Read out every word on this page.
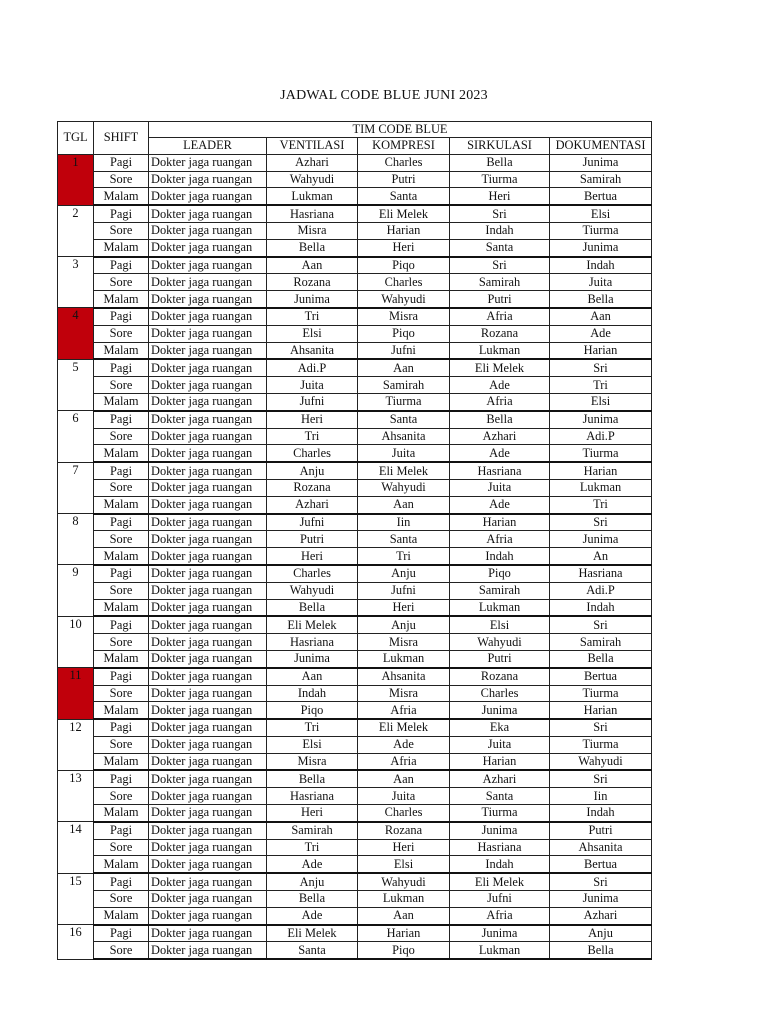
JADWAL CODE BLUE JUNI 2023
TGL	SHIFT	TIM CODE BLUE				
		LEADER	VENTILASI	KOMPRESI	SIRKULASI	DOKUMENTASI
1	Pagi	Dokter jaga ruangan	Azhari	Charles	Bella	Junima
	Sore	Dokter jaga ruangan	Wahyudi	Putri	Tiurma	Samirah
	Malam	Dokter jaga ruangan	Lukman	Santa	Heri	Bertua
2	Pagi	Dokter jaga ruangan	Hasriana	Eli Melek	Sri	Elsi
	Sore	Dokter jaga ruangan	Misra	Harian	Indah	Tiurma
	Malam	Dokter jaga ruangan	Bella	Heri	Santa	Junima
3	Pagi	Dokter jaga ruangan	Aan	Piqo	Sri	Indah
	Sore	Dokter jaga ruangan	Rozana	Charles	Samirah	Juita
	Malam	Dokter jaga ruangan	Junima	Wahyudi	Putri	Bella
4	Pagi	Dokter jaga ruangan	Tri	Misra	Afria	Aan
	Sore	Dokter jaga ruangan	Elsi	Piqo	Rozana	Ade
	Malam	Dokter jaga ruangan	Ahsanita	Jufni	Lukman	Harian
5	Pagi	Dokter jaga ruangan	Adi.P	Aan	Eli Melek	Sri
	Sore	Dokter jaga ruangan	Juita	Samirah	Ade	Tri
	Malam	Dokter jaga ruangan	Jufni	Tiurma	Afria	Elsi
6	Pagi	Dokter jaga ruangan	Heri	Santa	Bella	Junima
	Sore	Dokter jaga ruangan	Tri	Ahsanita	Azhari	Adi.P
	Malam	Dokter jaga ruangan	Charles	Juita	Ade	Tiurma
7	Pagi	Dokter jaga ruangan	Anju	Eli Melek	Hasriana	Harian
	Sore	Dokter jaga ruangan	Rozana	Wahyudi	Juita	Lukman
	Malam	Dokter jaga ruangan	Azhari	Aan	Ade	Tri
8	Pagi	Dokter jaga ruangan	Jufni	Iin	Harian	Sri
	Sore	Dokter jaga ruangan	Putri	Santa	Afria	Junima
	Malam	Dokter jaga ruangan	Heri	Tri	Indah	An
9	Pagi	Dokter jaga ruangan	Charles	Anju	Piqo	Hasriana
	Sore	Dokter jaga ruangan	Wahyudi	Jufni	Samirah	Adi.P
	Malam	Dokter jaga ruangan	Bella	Heri	Lukman	Indah
10	Pagi	Dokter jaga ruangan	Eli Melek	Anju	Elsi	Sri
	Sore	Dokter jaga ruangan	Hasriana	Misra	Wahyudi	Samirah
	Malam	Dokter jaga ruangan	Junima	Lukman	Putri	Bella
11	Pagi	Dokter jaga ruangan	Aan	Ahsanita	Rozana	Bertua
	Sore	Dokter jaga ruangan	Indah	Misra	Charles	Tiurma
	Malam	Dokter jaga ruangan	Piqo	Afria	Junima	Harian
12	Pagi	Dokter jaga ruangan	Tri	Eli Melek	Eka	Sri
	Sore	Dokter jaga ruangan	Elsi	Ade	Juita	Tiurma
	Malam	Dokter jaga ruangan	Misra	Afria	Harian	Wahyudi
13	Pagi	Dokter jaga ruangan	Bella	Aan	Azhari	Sri
	Sore	Dokter jaga ruangan	Hasriana	Juita	Santa	Iin
	Malam	Dokter jaga ruangan	Heri	Charles	Tiurma	Indah
14	Pagi	Dokter jaga ruangan	Samirah	Rozana	Junima	Putri
	Sore	Dokter jaga ruangan	Tri	Heri	Hasriana	Ahsanita
	Malam	Dokter jaga ruangan	Ade	Elsi	Indah	Bertua
15	Pagi	Dokter jaga ruangan	Anju	Wahyudi	Eli Melek	Sri
	Sore	Dokter jaga ruangan	Bella	Lukman	Jufni	Junima
	Malam	Dokter jaga ruangan	Ade	Aan	Afria	Azhari
16	Pagi	Dokter jaga ruangan	Eli Melek	Harian	Junima	Anju
	Sore	Dokter jaga ruangan	Santa	Piqo	Lukman	Bella
